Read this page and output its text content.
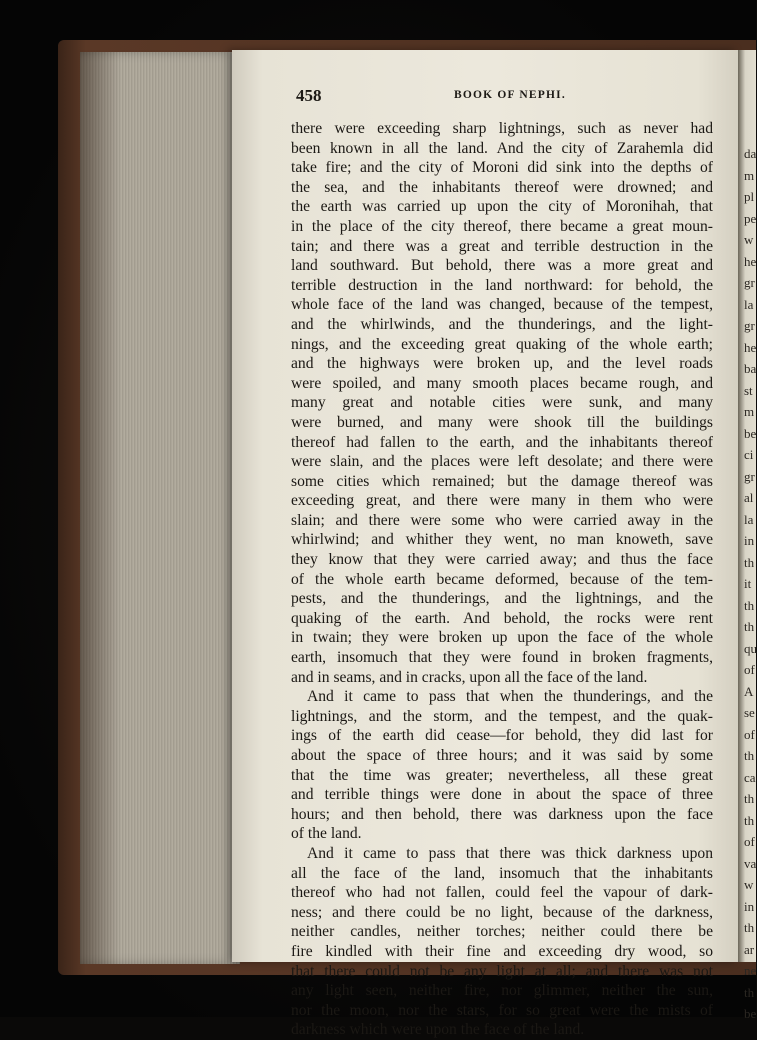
da
m
pl
pe
w
he
gr
la
gr
he
ba
st
m
be
ci
gr
al
la
in
th
it
th
th
qu
of
A
se
of
th
ca
th
th
of
va
w
in
th
ar
ne
th
be
458	BOOK OF NEPHI.
there were exceeding sharp lightnings, such as never had
been known in all the land. And the city of Zarahemla did
take fire; and the city of Moroni did sink into the depths of
the sea, and the inhabitants thereof were drowned; and
the earth was carried up upon the city of Moronihah, that
in the place of the city thereof, there became a great moun-
tain; and there was a great and terrible destruction in the
land southward. But behold, there was a more great and
terrible destruction in the land northward: for behold, the
whole face of the land was changed, because of the tempest,
and the whirlwinds, and the thunderings, and the light-
nings, and the exceeding great quaking of the whole earth;
and the highways were broken up, and the level roads
were spoiled, and many smooth places became rough, and
many great and notable cities were sunk, and many
were burned, and many were shook till the buildings
thereof had fallen to the earth, and the inhabitants thereof
were slain, and the places were left desolate; and there were
some cities which remained; but the damage thereof was
exceeding great, and there were many in them who were
slain; and there were some who were carried away in the
whirlwind; and whither they went, no man knoweth, save
they know that they were carried away; and thus the face
of the whole earth became deformed, because of the tem-
pests, and the thunderings, and the lightnings, and the
quaking of the earth. And behold, the rocks were rent
in twain; they were broken up upon the face of the whole
earth, insomuch that they were found in broken fragments,
and in seams, and in cracks, upon all the face of the land.
And it came to pass that when the thunderings, and the
lightnings, and the storm, and the tempest, and the quak-
ings of the earth did cease—for behold, they did last for
about the space of three hours; and it was said by some
that the time was greater; nevertheless, all these great
and terrible things were done in about the space of three
hours; and then behold, there was darkness upon the face
of the land.
And it came to pass that there was thick darkness upon
all the face of the land, insomuch that the inhabitants
thereof who had not fallen, could feel the vapour of dark-
ness; and there could be no light, because of the darkness,
neither candles, neither torches; neither could there be
fire kindled with their fine and exceeding dry wood, so
that there could not be any light at all; and there was not
any light seen, neither fire, nor glimmer, neither the sun,
nor the moon, nor the stars, for so great were the mists of
darkness which were upon the face of the land.
